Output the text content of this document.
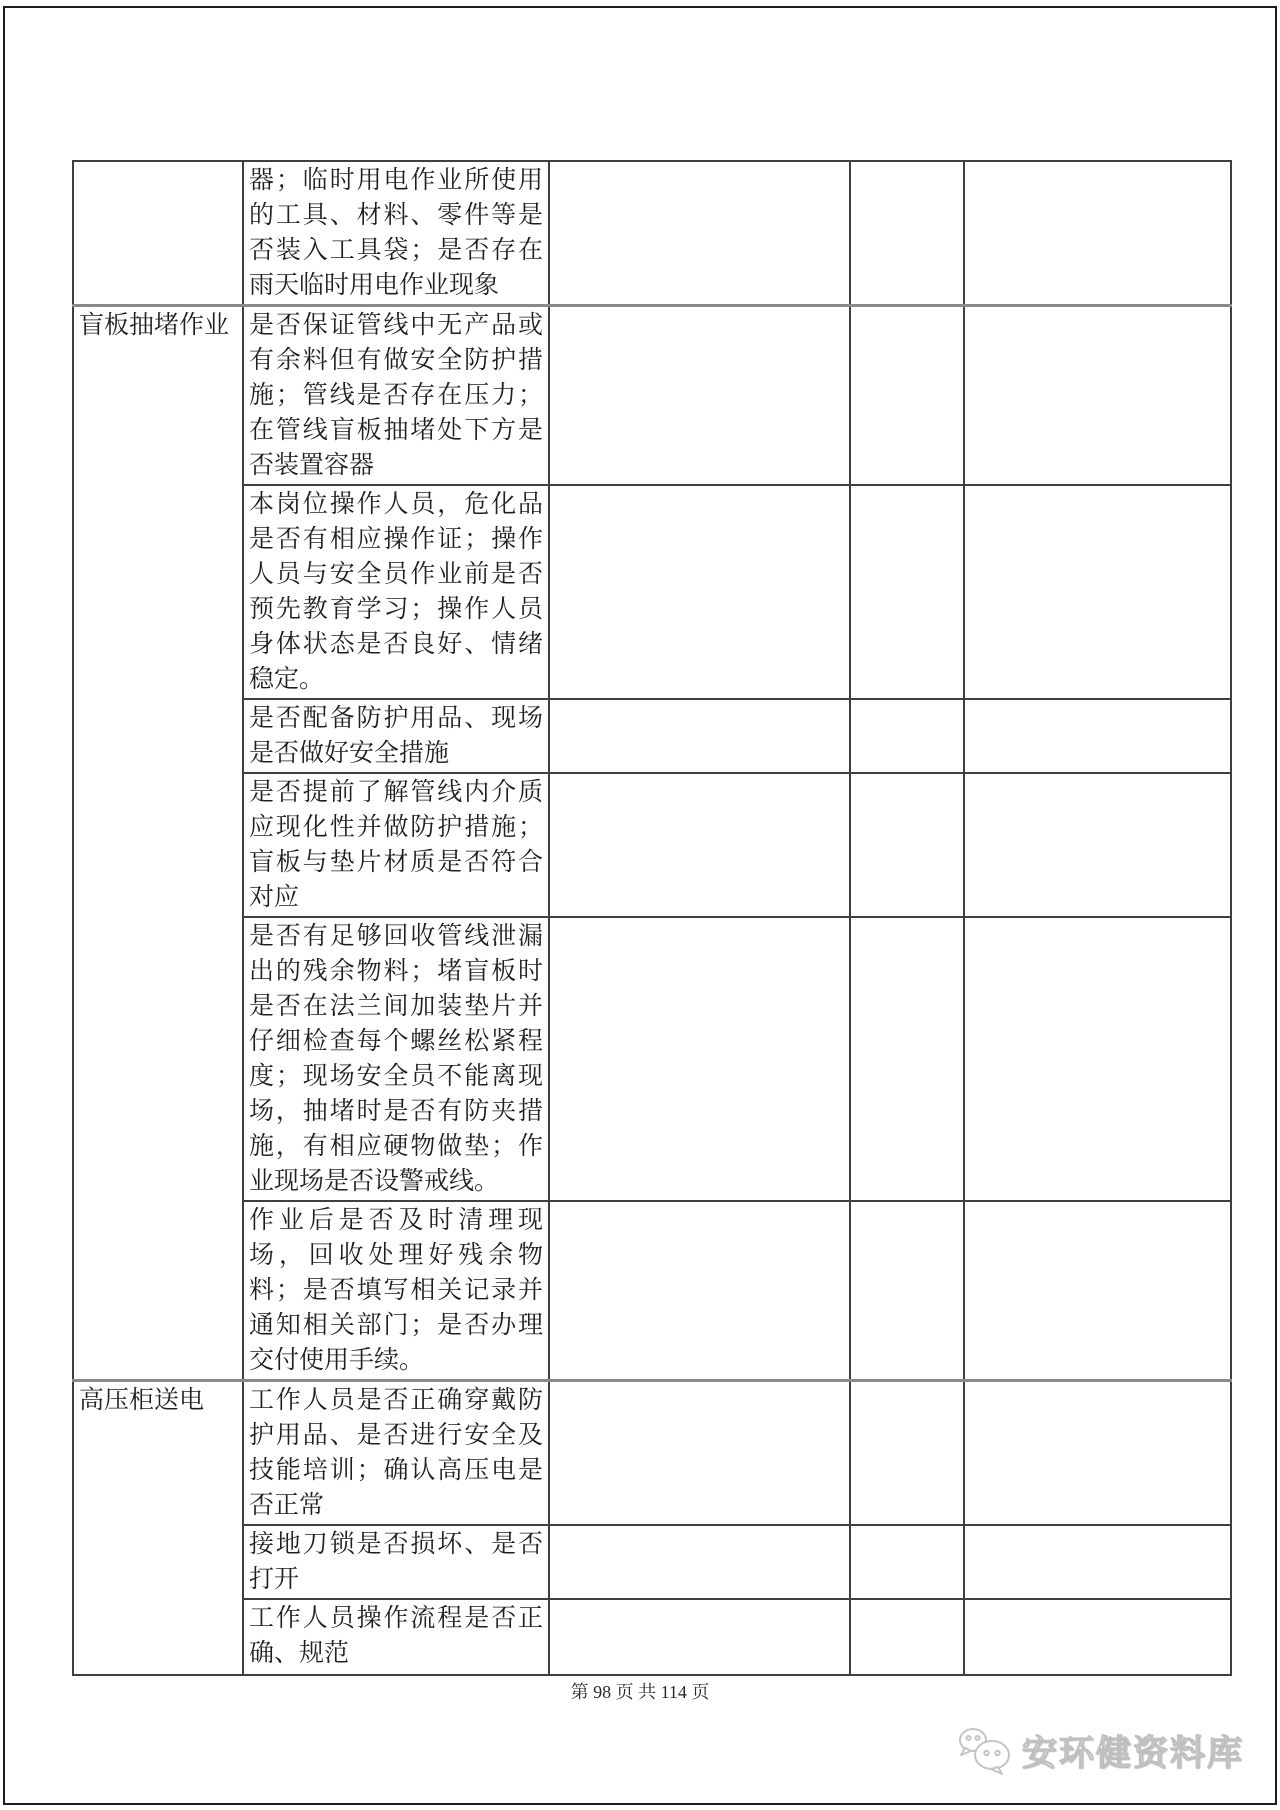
	器；临时用电作业所使用的工具、材料、零件等是否装入工具袋；是否存在雨天临时用电作业现象			
盲板抽堵作业	是否保证管线中无产品或有余料但有做安全防护措施；管线是否存在压力；在管线盲板抽堵处下方是否装置容器			
	本岗位操作人员，危化品是否有相应操作证；操作人员与安全员作业前是否预先教育学习；操作人员身体状态是否良好、情绪稳定。			
	是否配备防护用品、现场是否做好安全措施			
	是否提前了解管线内介质应现化性并做防护措施；盲板与垫片材质是否符合对应			
	是否有足够回收管线泄漏出的残余物料；堵盲板时是否在法兰间加装垫片并仔细检查每个螺丝松紧程度；现场安全员不能离现场，抽堵时是否有防夹措施，有相应硬物做垫；作业现场是否设警戒线。			
	作业后是否及时清理现场，回收处理好残余物料；是否填写相关记录并通知相关部门；是否办理交付使用手续。			
高压柜送电	工作人员是否正确穿戴防护用品、是否进行安全及技能培训；确认高压电是否正常			
	接地刀锁是否损坏、是否打开			
	工作人员操作流程是否正确、规范			
第 98 页 共 114 页
安环健资料库
